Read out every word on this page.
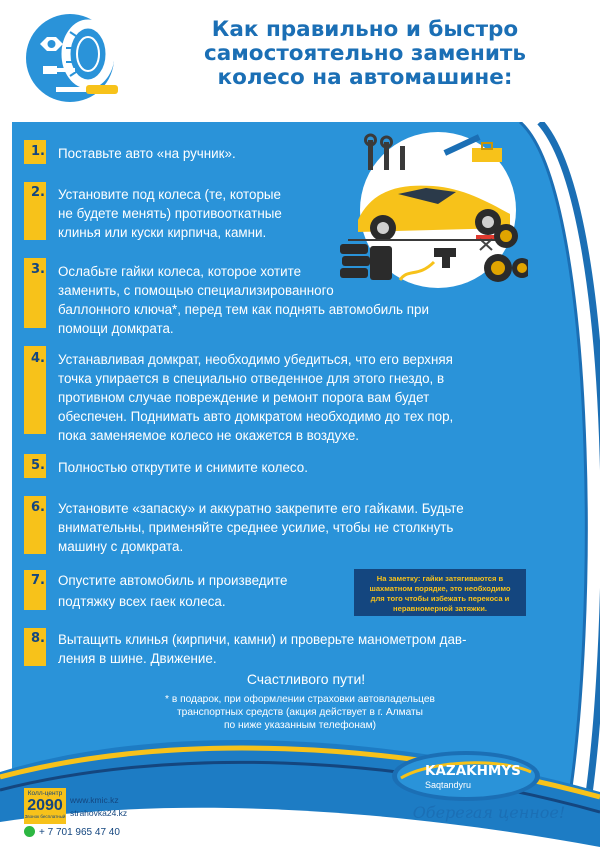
Как правильно и быстро
самостоятельно заменить
колесо на автомашине:
1. Поставьте авто «на ручник».
2. Установите под колеса (те, которые
не будете менять) противооткатные
клинья или куски кирпича, камни.
3. Ослабьте гайки колеса, которое хотите
заменить, с помощью специализированного
баллонного ключа*, перед тем как поднять автомобиль при
помощи домкрата.
4. Устанавливая домкрат, необходимо убедиться, что его верхняя
точка упирается в специально отведенное для этого гнездо, в
противном случае повреждение и ремонт порога вам будет
обеспечен. Поднимать авто домкратом необходимо до тех пор,
пока заменяемое колесо не окажется в воздухе.
5. Полностью открутите и снимите колесо.
6. Установите «запаску» и аккуратно закрепите его гайками. Будьте
внимательны, применяйте среднее усилие, чтобы не столкнуть
машину с домкрата.
7. Опустите автомобиль и произведите
подтяжку всех гаек колеса.
На заметку: гайки затягиваются в
шахматном порядке, это необходимо
для того чтобы избежать перекоса и
неравномерной затяжки.
8. Вытащить клинья (кирпичи, камни) и проверьте манометром дав-
ления в шине. Движение.
Счастливого пути!
* в подарок, при оформлении страховки автовладельцев
транспортных средств (акция действует в г. Алматы
по ниже указанным телефонам)
KAZAKHMYS
Saqtandyru
Оберегая ценное!
Колл-центр
2090
Звонок бесплатный
www.kmic.kz
strahovka24.kz
+ 7 701 965 47 40
